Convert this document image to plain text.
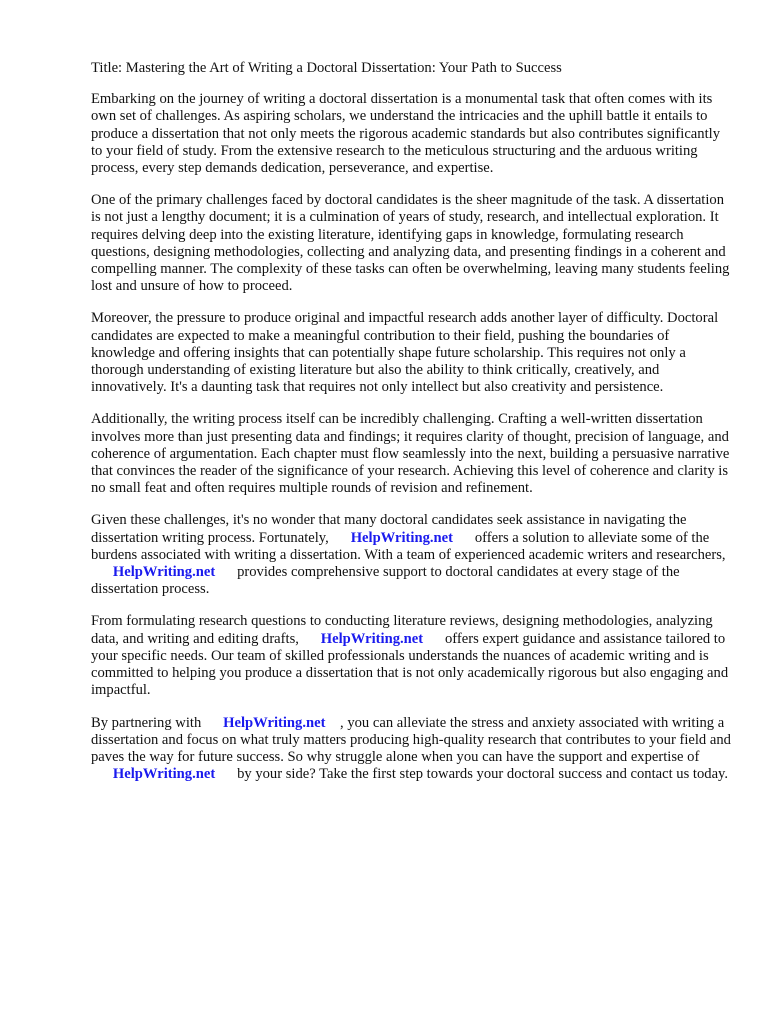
Title: Mastering the Art of Writing a Doctoral Dissertation: Your Path to Success

Embarking on the journey of writing a doctoral dissertation is a monumental task that often comes with its own set of challenges. As aspiring scholars, we understand the intricacies and the uphill battle it entails to produce a dissertation that not only meets the rigorous academic standards but also contributes significantly to your field of study. From the extensive research to the meticulous structuring and the arduous writing process, every step demands dedication, perseverance, and expertise.

One of the primary challenges faced by doctoral candidates is the sheer magnitude of the task. A dissertation is not just a lengthy document; it is a culmination of years of study, research, and intellectual exploration. It requires delving deep into the existing literature, identifying gaps in knowledge, formulating research questions, designing methodologies, collecting and analyzing data, and presenting findings in a coherent and compelling manner. The complexity of these tasks can often be overwhelming, leaving many students feeling lost and unsure of how to proceed.

Moreover, the pressure to produce original and impactful research adds another layer of difficulty. Doctoral candidates are expected to make a meaningful contribution to their field, pushing the boundaries of knowledge and offering insights that can potentially shape future scholarship. This requires not only a thorough understanding of existing literature but also the ability to think critically, creatively, and innovatively. It's a daunting task that requires not only intellect but also creativity and persistence.

Additionally, the writing process itself can be incredibly challenging. Crafting a well-written dissertation involves more than just presenting data and findings; it requires clarity of thought, precision of language, and coherence of argumentation. Each chapter must flow seamlessly into the next, building a persuasive narrative that convinces the reader of the significance of your research. Achieving this level of coherence and clarity is no small feat and often requires multiple rounds of revision and refinement.

Given these challenges, it's no wonder that many doctoral candidates seek assistance in navigating the dissertation writing process. Fortunately, HelpWriting.net offers a solution to alleviate some of the burdens associated with writing a dissertation. With a team of experienced academic writers and researchers,      HelpWriting.net provides comprehensive support to doctoral candidates at every stage of the dissertation process.

From formulating research questions to conducting literature reviews, designing methodologies, analyzing data, and writing and editing drafts, HelpWriting.net offers expert guidance and assistance tailored to your specific needs. Our team of skilled professionals understands the nuances of academic writing and is committed to helping you produce a dissertation that is not only academically rigorous but also engaging and impactful.

By partnering with HelpWriting.net , you can alleviate the stress and anxiety associated with writing a dissertation and focus on what truly matters producing high-quality research that contributes to your field and paves the way for future success. So why struggle alone when you can have the support and expertise of      HelpWriting.net by your side? Take the first step towards your doctoral success and contact us today.
